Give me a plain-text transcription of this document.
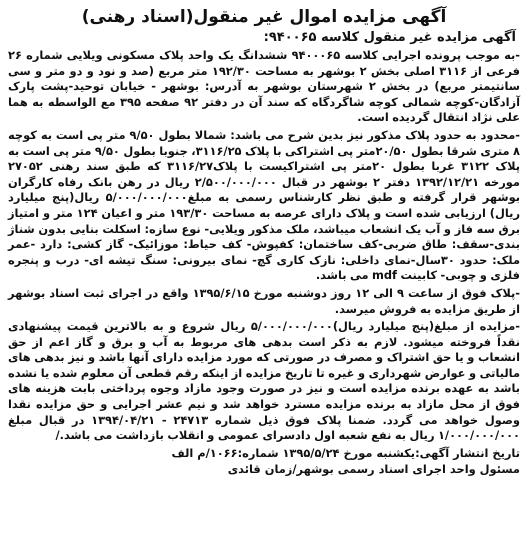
آگهی مزایده اموال غیر منقول(اسناد رهنی)
آگهی مزایده غیر منقول کلاسه ۹۴۰۰۶۵:

-به موجب پرونده اجرایی کلاسه ۹۴۰۰۰۶۵ ششدانگ یک واحد پلاک مسکونی ویلایی شماره ۲۶ فرعی از ۳۱۱۶ اصلی بخش ۲ بوشهر به مساحت ۱۹۲/۳۰ متر مربع (صد و نود و دو متر و سی سانتیمتر مربع) در بخش ۲ شهرستان بوشهر به آدرس: بوشهر - خیابان توحید-پشت پارک آزادگان-کوچه شمالی کوچه شاگردگاه که سند آن در دفتر ۹۲ صفحه ۳۹۵ مع الواسطه به هما علی نژاد انتقال گردیده است.

-محدود به حدود پلاک مذکور نیز بدین شرح می باشد: شمالا بطول ۹/۵۰ متر پی است به کوچه ۸ متری شرقا بطول ۲۰/۵۰متر پی اشتراکی با پلاک ۳۱۱۶/۲۵، جنوبا بطول ۹/۵۰ متر پی است به پلاک ۳۱۲۲ غربا بطول ۲۰متر پی اشتراکیست با پلاک۳۱۱۶/۲۷ که طبق سند رهنی ۲۷۰۵۲ مورخه ۱۳۹۲/۱۲/۲۱ دفتر ۲ بوشهر در قبال ۲/۵۰۰/۰۰۰/۰۰۰ ریال در رهن بانک رفاه کارگران بوشهر قرار گرفته و طبق نظر کارشناس رسمی به مبلغ۵/۰۰۰/۰۰۰/۰۰۰ ریال(پنج میلیارد ریال) ارزیابی شده است و پلاک دارای عرصه به مساحت ۱۹۳/۳۰ متر و اعیان ۱۲۴ متر و امتیاز برق سه فاز و آب یک انشعاب میباشد، ملک مذکور ویلایی- نوع سازه: اسکلت بنایی بدون شناژ بندی-سقف: طاق ضربی-کف ساختمان: کفپوش- کف حیاط: موزائیک- گاز کشی: دارد -عمر ملک: حدود ۳۰سال-نمای داخلی: نازک کاری گچ- نمای بیرونی: سنگ تیشه ای- درب و پنجره فلزی و چوبی- کابینت mdf می باشد.

-پلاک فوق از ساعت ۹ الی ۱۲ روز دوشنبه مورخ ۱۳۹۵/۶/۱۵ واقع در اجرای ثبت اسناد بوشهر از طریق مزایده به فروش میرسد.

-مزایده از مبلغ(پنج میلیارد ریال)۵/۰۰۰/۰۰۰/۰۰۰ ریال شروع و به بالاترین قیمت پیشنهادی نقداً فروخته میشود. لازم به ذکر است بدهی های مربوط به آب و برق و گاز اعم از حق انشعاب و یا حق اشتراک و مصرف در صورتی که مورد مزایده دارای آنها باشد و نیز بدهی های مالیاتی و عوارض شهرداری و غیره تا تاریخ مزایده از اینکه رقم قطعی آن معلوم شده یا نشده باشد به عهده برنده مزایده است و نیز در صورت وجود مازاد وجوه پرداختی بابت هزینه های فوق از محل مازاد به برنده مزایده مسترد خواهد شد و نیم عشر اجرایی و حق مزایده نقدا وصول خواهد می گردد. ضمنا پلاک فوق ذیل شماره ۲۴۷۱۳ - ۱۳۹۴/۰۴/۲۱ در قبال مبلغ ۱/۰۰۰/۰۰۰/۰۰۰ ریال به نفع شعبه اول دادسرای عمومی و انقلاب بازداشت می باشد./

تاریخ انتشار آگهی:یکشنبه مورخ ۱۳۹۵/۵/۲۴ شماره:۱۰۶۶/م الف

مسئول واحد اجرای اسناد رسمی بوشهر/زمان قائدی
